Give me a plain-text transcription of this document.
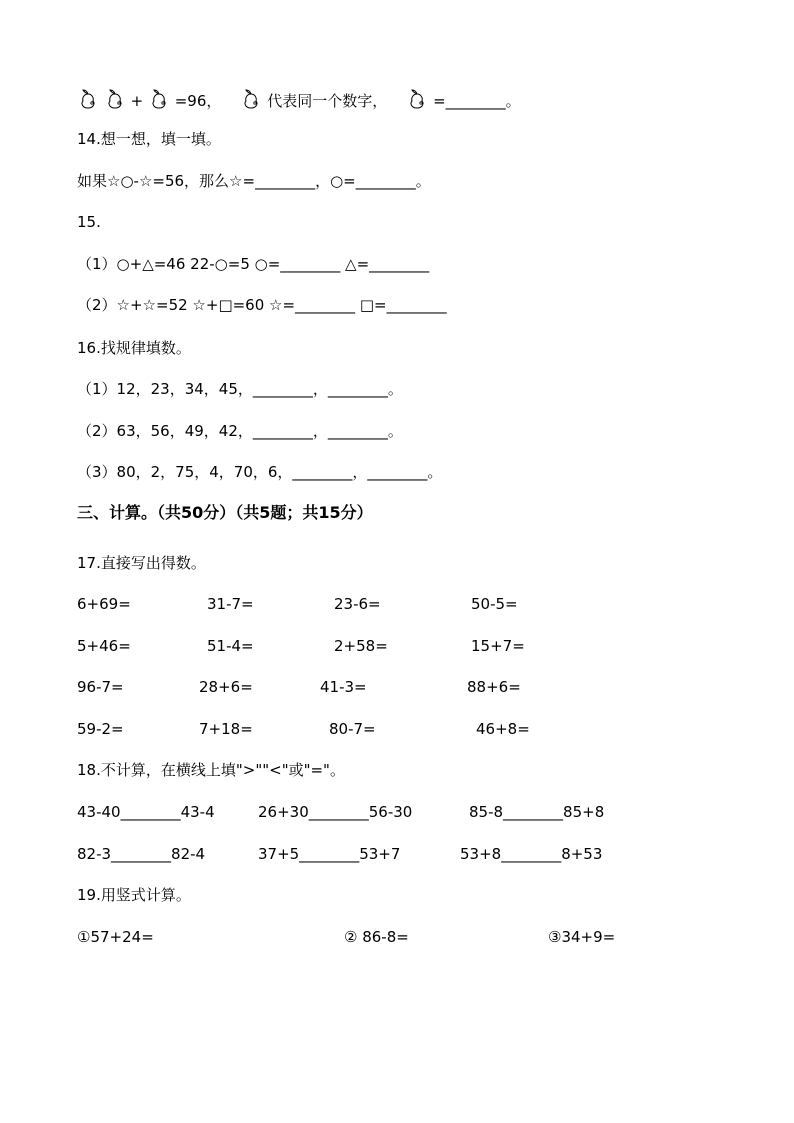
+ =96，	代表同一个数字，	=________。
14.想一想，填一填。
如果☆○-☆=56，那么☆=________，○=________。
15.
（1）○+△=46 22-○=5 ○=________ △=________
（2）☆+☆=52 ☆+□=60 ☆=________ □=________
16.找规律填数。
（1）12，23，34，45，________，________。
（2）63，56，49，42，________，________。
（3）80，2，75，4，70，6，________，________。
三、计算。（共50分）（共5题；共15分）
17.直接写出得数。
6+69=	31-7=	23-6=	50-5=
5+46=	51-4=	2+58=	15+7=
96-7=	28+6=	41-3=	88+6=
59-2=	7+18=	80-7=	46+8=
18.不计算，在横线上填">""<"或"="。
43-40________43-4	26+30________56-30	85-8________85+8
82-3________82-4	37+5________53+7	53+8________8+53
19.用竖式计算。
①57+24=	② 86-8=	③34+9=
